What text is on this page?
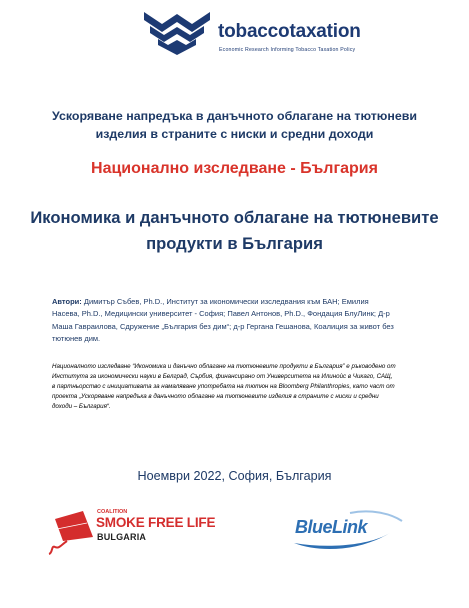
tobaccotaxation
Economic Research Informing Tobacco Taxation Policy
Ускоряване напредъка в данъчното облагане на тютюневи изделия в страните с ниски и средни доходи
Национално изследване - България
Икономика и данъчното облагане на тютюневите продукти в България
Автори: Димитър Събев, Ph.D., Институт за икономически изследвания към БАН; Емилия Насева, Ph.D., Медицински университет - София; Павел Антонов, Ph.D., Фондация БлуЛинк; Д-р Маша Гавраилова, Сдружение „България без дим“; д-р Гергана Гешанова, Коалиция за живот без тютюнев дим.
Националното изследване “Икономика и данъчно облагане на тютюневите продукти в България” е ръководено от Института за икономически науки в Белград, Сърбия, финансирано от Университета на Илиноѝс в Чикаго, САЩ, в партньорство с инициативата за намаляване употребата на тютюн на Bloomberg Philanthropies, като част от проекта „Ускоряване напредъка в данъчното облагане на тютюневите изделия в страните с ниски и средни доходи – България“.
Ноември 2022, София, България
COALITION
SMOKE FREE LIFE
BULGARIA	BlueLink
